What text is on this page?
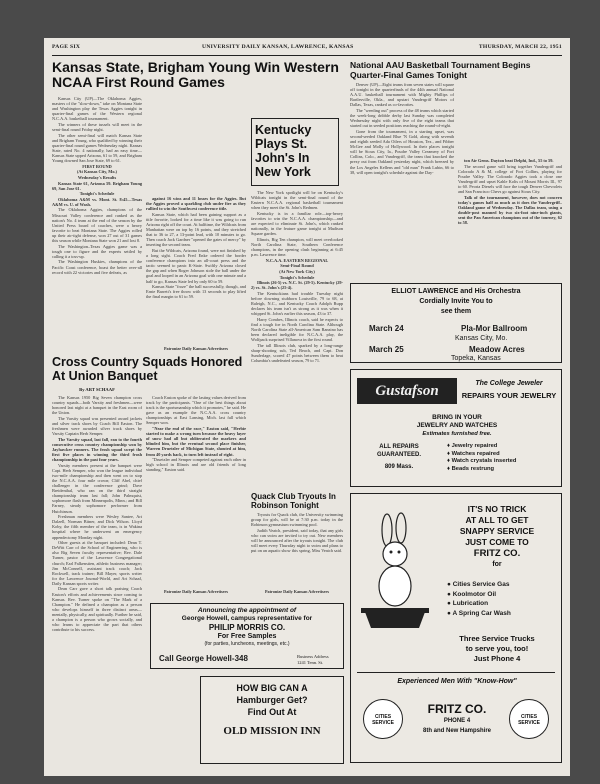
PAGE SIX	UNIVERSITY DAILY KANSAN, LAWRENCE, KANSAS	THURSDAY, MARCH 22, 1951
Kansas State, Brigham Young Win Western NCAA First Round Games

Kansas City (UP)—The Oklahoma Aggies, masters of the "slow-down," take on Montana State and Washington play the Texas Aggies tonight in quarter-final games of the Western regional N.C.A.A. basketball tournament.

The winners of these tussels will meet in the semi-final round Friday night.

The other semi-final will match Kansas State and Brigham Young, who qualified by winning their quarter-final round games Wednesday night. Kansas State, rated No. 4 nationally, had an easy time—Kansas State upped Arizona, 61 to 59, and Brigham Young downed San Jose State, 69 to 61.

FIRST ROUND

(At Kansas City, Mo.)

Wednesday's Results

Kansas State 61, Arizona 59. Brigham Young 69, San Jose 61.

Tonight's Schedule

Oklahoma A&M vs. Mont. St. 8:45—Texas A&M vs. U. of Wash.

The Oklahoma Aggies, champions of the Missouri Valley conference and ranked as the nation's No. 4 team at the end of the season by the United Press board of coaches, were a heavy favorite to beat Montana State. The Aggies rolled up their air-tight defense, won 27 out of 31 games this season while Montana State won 21 and lost 8.

The Washington–Texas Aggies game was a tough one to figure and the experts settled by calling it a toss-up.

The Washington Huskies, champions of the Pacific Coast conference, boast the better over-all record with 22 victories and five defeats, as

against 16 wins and 11 losses for the Aggies. But the Aggies proved a sparkling club under fire as they rallied to win the Southwest conference title.

Kansas State, which had been gaining support as a title favorite, looked for a time like it was going to run Arizona right off the court. At halftime, the Wildcats from Manhattan were on top by 16 points, and they stretched that to 36 to 27, a 13-point lead, with 10 minutes to go. Then coach Jack Gardner "opened the gates of mercy" by inserting the second team.

But the Wildcats, Arizona found, were not finished by a long sight. Coach Fred Enke ordered the border conference champions into an all-court press and the tactic seemed to panic K-State. Swiftly Arizona closed the gap and when Roger Johnson stole the ball under the goal and looped in an Arizona goal with one minute and a half to go, Kansas State led by only 60 to 59.

Kansas State "froze" the ball successfully, though, and Ernie Barrett's free throw with 13 seconds to play lifted the final margin to 61 to 59.

Patronize Daily Kansan Advertisers
Kentucky Plays St. John's In New York

The New York spotlight will be on Kentucky's Wildcats tonight in the semi-final round of the Eastern N.C.A.A. regional basketball tournament when they meet the St. John's Redmen.

Kentucky is in a familiar role—top-heavy favorites to win the N.C.A.A. championship—and are expected to eliminate St. John's, which ranked nationally, in the feature game tonight at Madison Square garden.

Illinois, Big Ten champion, will meet overlooked North Carolina State, Southern Conference champions, in the opening clash beginning at 6:45 p.m. Lawrence time.

N.C.A.A. EASTERN REGIONAL

Semi-Final Round

(At New York City)

Tonight's Schedule

Illinois (26-5) vs. N.C. St. (29-5). Kentucky (29-2) vs. St. John's (25-4).

The Kentuckians had trouble Tuesday night before downing stubborn Louisville, 79 to 68, at Raleigh, N.C., and Kentucky Coach Adolph Rupp declares his team isn't as strong as it was when it whipped St. John's earlier this season, 43 to 37.

Harry Combes, Illinois coach, said he expects to find a tough foe in North Carolina State. Although North Carolina State all-American Sam Ranzino has been declared ineligible for N.C.A.A. play, the Wolfpack surprised Villanova in the first round.

The tall Illinois club, sparked by a long-range sharp-shooting sub, Ted Beach, and Capt. Don Sunderlage, scored 47 points between them to beat Columbia's undefeated season, 79 to 71.

Cross Country Squads Honored At Union Banquet
By ART SCHAAF

The Kansas 1950 Big Seven champion cross country squads—both Varsity and freshmen—were honored last night at a banquet in the East room of the Union.

The Varsity squad was presented award jackets and silver track shoes by Coach Bill Easton. The freshmen were awarded silver track shoes by Varsity Captain Herb Semper.

The Varsity squad, last fall, ran to the fourth consecutive cross country championship won by Jayhawker runners. The frosh squad swept the first five places in winning the third frosh championship in the past four years.

Varsity members present at the banquet were Capt. Herb Semper, who won the league individual two-mile championship and then went on to stop the N.C.A.A. four mile crown; Cliff Abel, chief challenger in the conference grind; Dave Breidenthal, who ran on the third straight championship team last fall; John Palmquist, sophomore flash from Minneapolis, Minn.; and Bill Farney, steady sophomore performer from Hutchinson.

Freshman members were Wesley Santee, Art Dalzell, Norman Bitner, and Dick Wilson. Lloyd Koby, the fifth member of the team, is in Wakina hospital where he underwent an emergency appendectomy Monday night.

Other guests at the banquet included: Dean T. DeWitt Carr of the School of Engineering, who is also Big Seven faculty representative; Rev. Dale Turner, pastor of the Lawrence Congregational church; Earl Falkenstien, athletic business manager; Jim McConnell, assistant track coach; Jack Rockwell, track trainer; Bill Mayer, sports writer for the Lawrence Journal-World, and Art Schaaf, Daily Kansan sports writer.

Dean Carr gave a short talk praising Coach Easton's efforts and achievements since coming to Kansas. Rev. Turner spoke on "The Mark of a Champion." He defined a champion as a person who develops himself in three distinct areas—mentally, physically, and spiritually. Further he said, a champion is a person who grows socially, and who learns to appreciate the part that others contribute to his success.

Coach Easton spoke of the lasting values derived from track by the participants. "One of the best things about track is the sportsmanship which it promotes," he said. He gave as an example the N.C.A.A. cross country championships at East Lansing, Mich. last fall which Semper won.

"Near the end of the race," Easton said, "Herbie started to make a wrong turn because the heavy layer of snow had all but obliterated the markers and blinded him, but the eventual second place finisher, Warren Druetzler of Michigan State, shouted at him, from 40 yards back, to turn left instead of right.

"Druetzler and Semper competed against each other in high school in Illinois and are old friends of long standing," Easton said.

Patronize Daily Kansan Advertisers
Quack Club Tryouts In Robinson Tonight

Tryouts for Quack club, the University swimming group for girls, will be at 7:30 p.m. today in the Robinson gymnasium swimming pool.

Judith Veatch, president, said today, that any girls who can swim are invited to try out. New members will be announced after the tryouts tonight. The club will meet every Thursday night to swim and plans to put on an aquatic show this spring, Miss Veatch said.

Patronize Daily Kansan Advertisers
National AAU Basketball Tournament Begins Quarter-Final Games Tonight

Denver (UP)—Eight teams from seven states will square off tonight in the quarterfinals of the 44th annual National A.A.U. basketball tournament with Mighty Phillips of Bartlesville, Okla., and upstart Vandergriff Motors of Dallas, Texas, ranked as co-favorites.

The "weeding out" process of the 48 teams which started the week-long dribble derby last Sunday was completed Wednesday night with only five of the eight teams that started out in seeded positions reaching the round-of-eight.

Gone from the tournament, in a starting upset, was second-seeded Oakland Blue 'N Gold, along with seventh and eighth seeded Ada Oilers of Houston, Tex., and Fibber McGee and Molly of Hollywood. In their places tonight will be Sioux City, Ia., Poudre Valley Creamery of Fort Collins, Colo., and Vandergriff, the team that knocked the prexy out from Oakland yesterday night, which breezed by the Los Angeles Kellens and "old man" Frank Lubin, 66 to 38, will open tonight's schedule against the Day-

ton Air Gems. Dayton beat Delphi, Ind., 55 to 59.

The second game will bring together Vandergriff and Colorado A & M, college of Fort Collins, playing for Poudre Valley. The Colorado Aggies took a close one Vandergriff and upset Kahle Kolts of Mount Morris Ill., 97 to 60. Peoria Diesels will face the tough Denver Chevrolets and San Francisco Chevs go against Sioux City.

Talk of the tournament, however, does not concern today's games half as much as it does the Vandergriff–Oakland game of Wednesday. The Dallas team, using a double-post manned by two six-foot nine-inch giants, sent the Pan American champions out of the tourney, 62 to 58.

ELLIOT LAWRENCE and His Orchestra
Cordially Invite You to
see them
March 24	Pla-Mor Ballroom
Kansas City, Mo.
March 25	Meadow Acres
Topeka, Kansas
Gustafson	The College Jeweler
REPAIRS YOUR JEWELRY
BRING IN YOUR
JEWELRY AND WATCHES
Estimates furnished free.
ALL REPAIRS
GUARANTEED.
809 Mass.
♦ Jewelry repaired
♦ Watches repaired
♦ Watch crystals inserted
♦ Beads restrung
IT'S NO TRICK
AT ALL TO GET
SNAPPY SERVICE
JUST COME TO
FRITZ CO.
for
● Cities Service Gas
● Koolmotor Oil
● Lubrication
● A Spring Car Wash
Three Service Trucks
to serve you, too!
Just Phone 4
Experienced Men With "Know-How"
CITIES SERVICE
CITIES SERVICE
FRITZ CO.
PHONE 4
8th and New Hampshire
Announcing the appointment of
George Howell, campus representative for
PHILIP MORRIS CO.
For Free Samples
(for parties, luncheons, meetings, etc.)
Call George Howell-348	Business Address
1241 Tenn. St.
HOW BIG CAN A
Hamburger Get?
Find Out At
OLD MISSION INN
